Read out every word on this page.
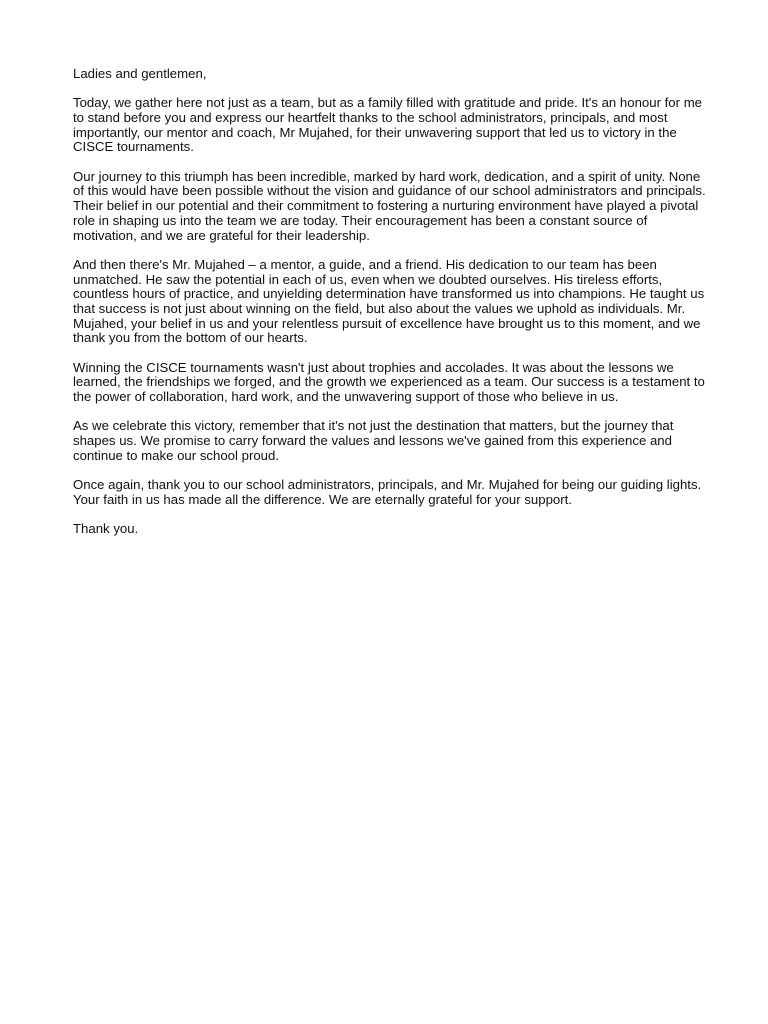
Ladies and gentlemen,

Today, we gather here not just as a team, but as a family filled with gratitude and pride. It's an honour for me to stand before you and express our heartfelt thanks to the school administrators, principals, and most importantly, our mentor and coach, Mr Mujahed, for their unwavering support that led us to victory in the CISCE tournaments.

Our journey to this triumph has been incredible, marked by hard work, dedication, and a spirit of unity. None of this would have been possible without the vision and guidance of our school administrators and principals. Their belief in our potential and their commitment to fostering a nurturing environment have played a pivotal role in shaping us into the team we are today. Their encouragement has been a constant source of motivation, and we are grateful for their leadership.

And then there's Mr. Mujahed – a mentor, a guide, and a friend. His dedication to our team has been unmatched. He saw the potential in each of us, even when we doubted ourselves. His tireless efforts, countless hours of practice, and unyielding determination have transformed us into champions. He taught us that success is not just about winning on the field, but also about the values we uphold as individuals. Mr. Mujahed, your belief in us and your relentless pursuit of excellence have brought us to this moment, and we thank you from the bottom of our hearts.

Winning the CISCE tournaments wasn't just about trophies and accolades. It was about the lessons we learned, the friendships we forged, and the growth we experienced as a team. Our success is a testament to the power of collaboration, hard work, and the unwavering support of those who believe in us.

As we celebrate this victory, remember that it's not just the destination that matters, but the journey that shapes us. We promise to carry forward the values and lessons we've gained from this experience and continue to make our school proud.

Once again, thank you to our school administrators, principals, and Mr. Mujahed for being our guiding lights. Your faith in us has made all the difference. We are eternally grateful for your support.

Thank you.
